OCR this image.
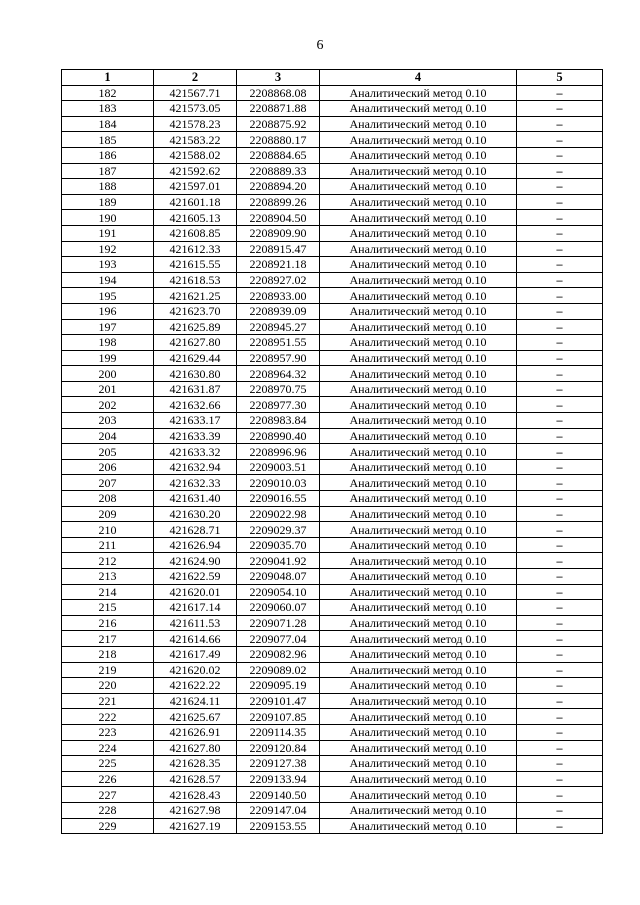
6
1	2	3	4	5
182	421567.71	2208868.08	Аналитический метод 0.10	–
183	421573.05	2208871.88	Аналитический метод 0.10	–
184	421578.23	2208875.92	Аналитический метод 0.10	–
185	421583.22	2208880.17	Аналитический метод 0.10	–
186	421588.02	2208884.65	Аналитический метод 0.10	–
187	421592.62	2208889.33	Аналитический метод 0.10	–
188	421597.01	2208894.20	Аналитический метод 0.10	–
189	421601.18	2208899.26	Аналитический метод 0.10	–
190	421605.13	2208904.50	Аналитический метод 0.10	–
191	421608.85	2208909.90	Аналитический метод 0.10	–
192	421612.33	2208915.47	Аналитический метод 0.10	–
193	421615.55	2208921.18	Аналитический метод 0.10	–
194	421618.53	2208927.02	Аналитический метод 0.10	–
195	421621.25	2208933.00	Аналитический метод 0.10	–
196	421623.70	2208939.09	Аналитический метод 0.10	–
197	421625.89	2208945.27	Аналитический метод 0.10	–
198	421627.80	2208951.55	Аналитический метод 0.10	–
199	421629.44	2208957.90	Аналитический метод 0.10	–
200	421630.80	2208964.32	Аналитический метод 0.10	–
201	421631.87	2208970.75	Аналитический метод 0.10	–
202	421632.66	2208977.30	Аналитический метод 0.10	–
203	421633.17	2208983.84	Аналитический метод 0.10	–
204	421633.39	2208990.40	Аналитический метод 0.10	–
205	421633.32	2208996.96	Аналитический метод 0.10	–
206	421632.94	2209003.51	Аналитический метод 0.10	–
207	421632.33	2209010.03	Аналитический метод 0.10	–
208	421631.40	2209016.55	Аналитический метод 0.10	–
209	421630.20	2209022.98	Аналитический метод 0.10	–
210	421628.71	2209029.37	Аналитический метод 0.10	–
211	421626.94	2209035.70	Аналитический метод 0.10	–
212	421624.90	2209041.92	Аналитический метод 0.10	–
213	421622.59	2209048.07	Аналитический метод 0.10	–
214	421620.01	2209054.10	Аналитический метод 0.10	–
215	421617.14	2209060.07	Аналитический метод 0.10	–
216	421611.53	2209071.28	Аналитический метод 0.10	–
217	421614.66	2209077.04	Аналитический метод 0.10	–
218	421617.49	2209082.96	Аналитический метод 0.10	–
219	421620.02	2209089.02	Аналитический метод 0.10	–
220	421622.22	2209095.19	Аналитический метод 0.10	–
221	421624.11	2209101.47	Аналитический метод 0.10	–
222	421625.67	2209107.85	Аналитический метод 0.10	–
223	421626.91	2209114.35	Аналитический метод 0.10	–
224	421627.80	2209120.84	Аналитический метод 0.10	–
225	421628.35	2209127.38	Аналитический метод 0.10	–
226	421628.57	2209133.94	Аналитический метод 0.10	–
227	421628.43	2209140.50	Аналитический метод 0.10	–
228	421627.98	2209147.04	Аналитический метод 0.10	–
229	421627.19	2209153.55	Аналитический метод 0.10	–
